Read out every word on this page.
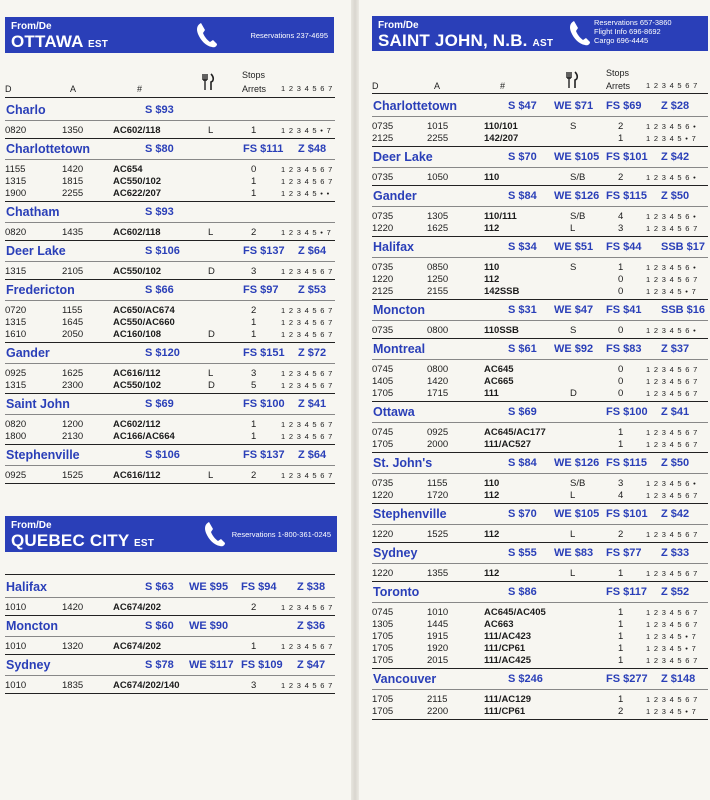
From/De
OTTAWA EST
Reservations 237-4695
D	A	#
Stops
Arrets 1 2 3 4 5 6 7
Charlo	S $93
0820	1350	AC602/118	L	1	1 2 3 4 5 • 7
Charlottetown	S $80	FS $111 Z $48
1155	1420	AC654	0	1 2 3 4 5 6 7
1315	1815	AC550/102	1	1 2 3 4 5 6 7
1900	2255	AC622/207	1	1 2 3 4 5 • •
Chatham	S $93
0820	1435	AC602/118	L	2	1 2 3 4 5 • 7
Deer Lake	S $106	FS $137 Z $64
1315	2105	AC550/102	D	3	1 2 3 4 5 6 7
Fredericton	S $66	FS $97 Z $53
0720	1155	AC650/AC674	2	1 2 3 4 5 6 7
1315	1645	AC550/AC660	1	1 2 3 4 5 6 7
1610	2050	AC160/108	D	1	1 2 3 4 5 6 7
Gander	S $120	FS $151 Z $72
0925	1625	AC616/112	L	3	1 2 3 4 5 6 7
1315	2300	AC550/102	D	5	1 2 3 4 5 6 7
Saint John	S $69	FS $100 Z $41
0820	1200	AC602/112	1	1 2 3 4 5 6 7
1800	2130	AC166/AC664	1	1 2 3 4 5 6 7
Stephenville	S $106	FS $137 Z $64
0925	1525	AC616/112	L	2	1 2 3 4 5 6 7
From/De
QUEBEC CITY EST
Reservations 1-800-361-0245
Halifax	S $63 WE $95 FS $94 Z $38
1010	1420	AC674/202	2	1 2 3 4 5 6 7
Moncton	S $60 WE $90	Z $36
1010	1320	AC674/202	1	1 2 3 4 5 6 7
Sydney	S $78 WE $117 FS $109 Z $47
1010	1835	AC674/202/140	3	1 2 3 4 5 6 7
From/De
SAINT JOHN, N.B. AST
Reservations 657-3860
Flight Info 696-8692
Cargo 696-4445
D	A	#
Stops
Arrets 1 2 3 4 5 6 7
Charlottetown	S $47 WE $71 FS $69 Z $28
0735	1015	110/101	S	2	1 2 3 4 5 6 •
2125	2255	142/207	1	1 2 3 4 5 • 7
Deer Lake	S $70 WE $105 FS $101 Z $42
0735	1050	110	S/B	2	1 2 3 4 5 6 •
Gander	S $84 WE $126 FS $115 Z $50
0735	1305	110/111	S/B	4	1 2 3 4 5 6 •
1220	1625	112	L	3	1 2 3 4 5 6 7
Halifax	S $34 WE $51 FS $44 SSB $17
0735	0850	110	S	1	1 2 3 4 5 6 •
1220	1250	112	0	1 2 3 4 5 6 7
2125	2155	142SSB	0	1 2 3 4 5 • 7
Moncton	S $31 WE $47 FS $41 SSB $16
0735	0800	110SSB	S	0	1 2 3 4 5 6 •
Montreal	S $61 WE $92 FS $83 Z $37
0745	0800	AC645	0	1 2 3 4 5 6 7
1405	1420	AC665	0	1 2 3 4 5 6 7
1705	1715	111	D	0	1 2 3 4 5 6 7
Ottawa	S $69	FS $100 Z $41
0745	0925	AC645/AC177	1	1 2 3 4 5 6 7
1705	2000	111/AC527	1	1 2 3 4 5 6 7
St. John's	S $84 WE $126 FS $115 Z $50
0735	1155	110	S/B	3	1 2 3 4 5 6 •
1220	1720	112	L	4	1 2 3 4 5 6 7
Stephenville	S $70 WE $105 FS $101 Z $42
1220	1525	112	L	2	1 2 3 4 5 6 7
Sydney	S $55 WE $83 FS $77 Z $33
1220	1355	112	L	1	1 2 3 4 5 6 7
Toronto	S $86	FS $117 Z $52
0745	1010	AC645/AC405	1	1 2 3 4 5 6 7
1305	1445	AC663	1	1 2 3 4 5 6 7
1705	1915	111/AC423	1	1 2 3 4 5 • 7
1705	1920	111/CP61	1	1 2 3 4 5 • 7
1705	2015	111/AC425	1	1 2 3 4 5 6 7
Vancouver	S $246	FS $277 Z $148
1705	2115	111/AC129	1	1 2 3 4 5 6 7
1705	2200	111/CP61	2	1 2 3 4 5 • 7
